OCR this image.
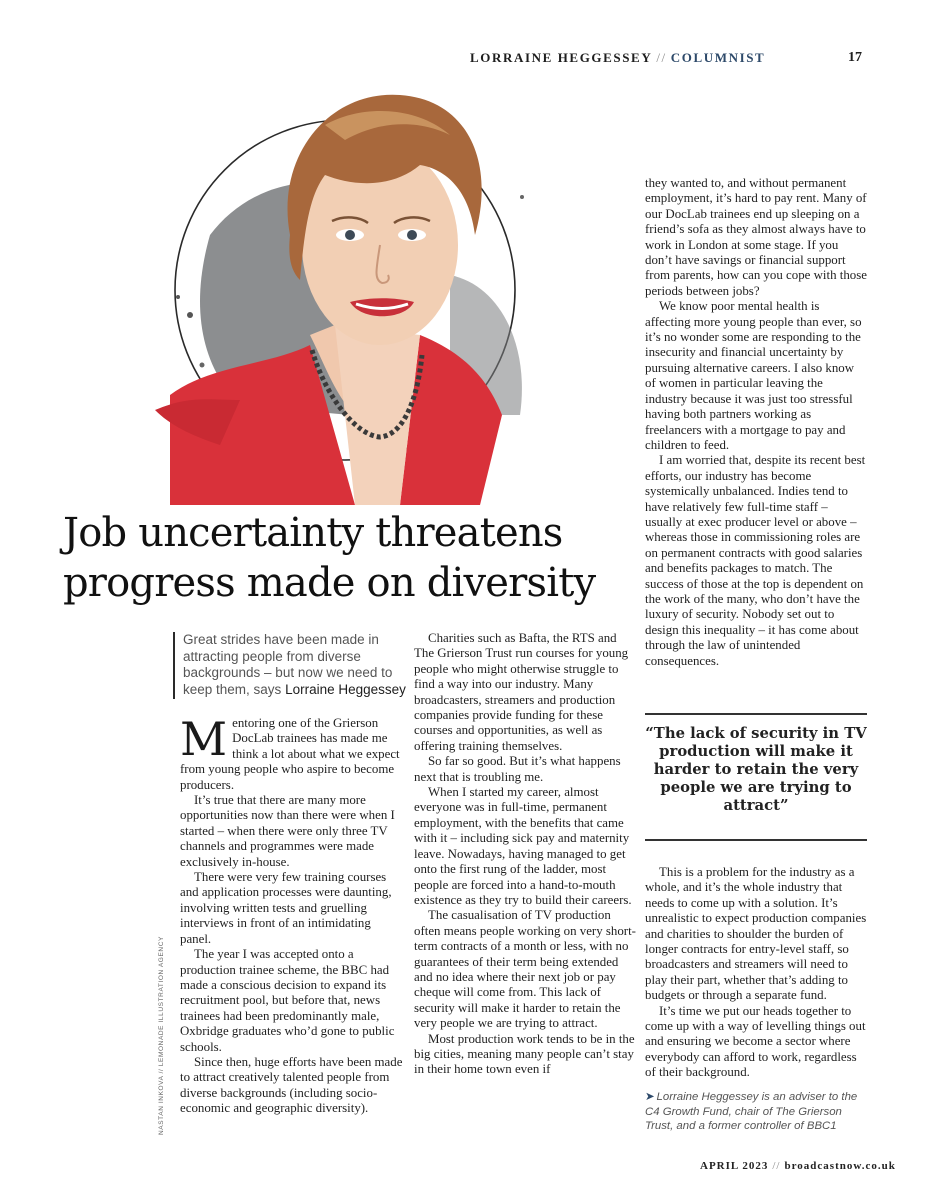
LORRAINE HEGGESSEY // COLUMNIST	17
Job uncertainty threatens
progress made on diversity
Great strides have been made in attracting people from diverse backgrounds – but now we need to keep them, says Lorraine Heggessey

Mentoring one of the Grierson DocLab trainees has made me think a lot about what we expect from young people who aspire to become producers.

It’s true that there are many more opportunities now than there were when I started – when there were only three TV channels and programmes were made exclusively in-house.

There were very few training courses and application processes were daunting, involving written tests and gruelling interviews in front of an intimidating panel.

The year I was accepted onto a production trainee scheme, the BBC had made a conscious decision to expand its recruitment pool, but before that, news trainees had been predominantly male, Oxbridge graduates who’d gone to public schools.

Since then, huge efforts have been made to attract creatively talented people from diverse backgrounds (including socio-economic and geographic diversity).

Charities such as Bafta, the RTS and The Grierson Trust run courses for young people who might otherwise struggle to find a way into our industry. Many broadcasters, streamers and production companies provide funding for these courses and opportunities, as well as offering training themselves.

So far so good. But it’s what happens next that is troubling me.

When I started my career, almost everyone was in full-time, permanent employment, with the benefits that came with it – including sick pay and maternity leave. Nowadays, having managed to get onto the first rung of the ladder, most people are forced into a hand-to-mouth existence as they try to build their careers.

The casualisation of TV production often means people working on very short-term contracts of a month or less, with no guarantees of their term being extended and no idea where their next job or pay cheque will come from. This lack of security will make it harder to retain the very people we are trying to attract.

Most production work tends to be in the big cities, meaning many people can’t stay in their home town even if

they wanted to, and without permanent employment, it’s hard to pay rent. Many of our DocLab trainees end up sleeping on a friend’s sofa as they almost always have to work in London at some stage. If you don’t have savings or financial support from parents, how can you cope with those periods between jobs?

We know poor mental health is affecting more young people than ever, so it’s no wonder some are responding to the insecurity and financial uncertainty by pursuing alternative careers. I also know of women in particular leaving the industry because it was just too stressful having both partners working as freelancers with a mortgage to pay and children to feed.

I am worried that, despite its recent best efforts, our industry has become systemically unbalanced. Indies tend to have relatively few full-time staff – usually at exec producer level or above – whereas those in commissioning roles are on permanent contracts with good salaries and benefits packages to match. The success of those at the top is dependent on the work of the many, who don’t have the luxury of security. Nobody set out to design this inequality – it has come about through the law of unintended consequences.

“The lack of security in TV production will make it harder to retain the very people we are trying to attract”

This is a problem for the industry as a whole, and it’s the whole industry that needs to come up with a solution. It’s unrealistic to expect production companies and charities to shoulder the burden of longer contracts for entry-level staff, so broadcasters and streamers will need to play their part, whether that’s adding to budgets or through a separate fund.

It’s time we put our heads together to come up with a way of levelling things out and ensuring we become a sector where everybody can afford to work, regardless of their background.

➤ Lorraine Heggessey is an adviser to the C4 Growth Fund, chair of The Grierson Trust, and a former controller of BBC1
NASTAN INKOVA // LEMONADE ILLUSTRATION AGENCY
APRIL 2023 // broadcastnow.co.uk
